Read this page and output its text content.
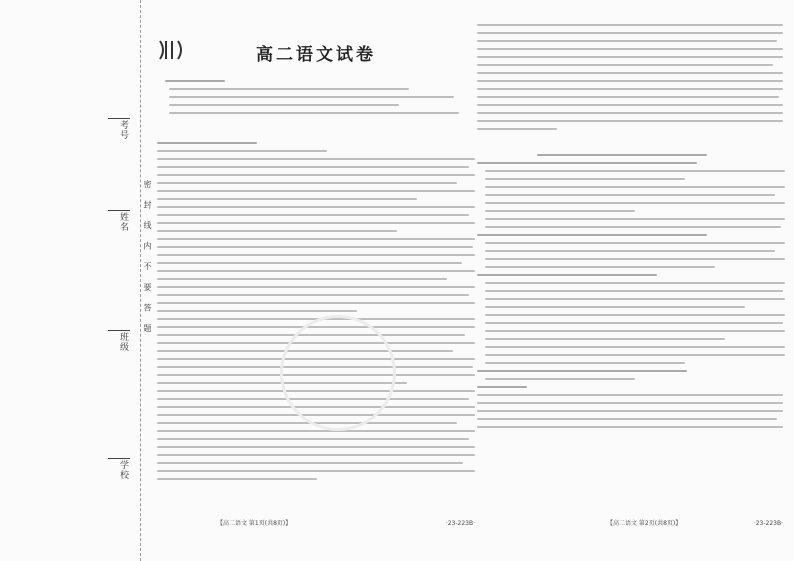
考号
姓名
班级
学校
密 封 线 内 不 要 答 题
高二语文试卷
【高二语文 第1页(共8页)】	·23-223B·	【高二语文 第2页(共8页)】	·23-223B·
